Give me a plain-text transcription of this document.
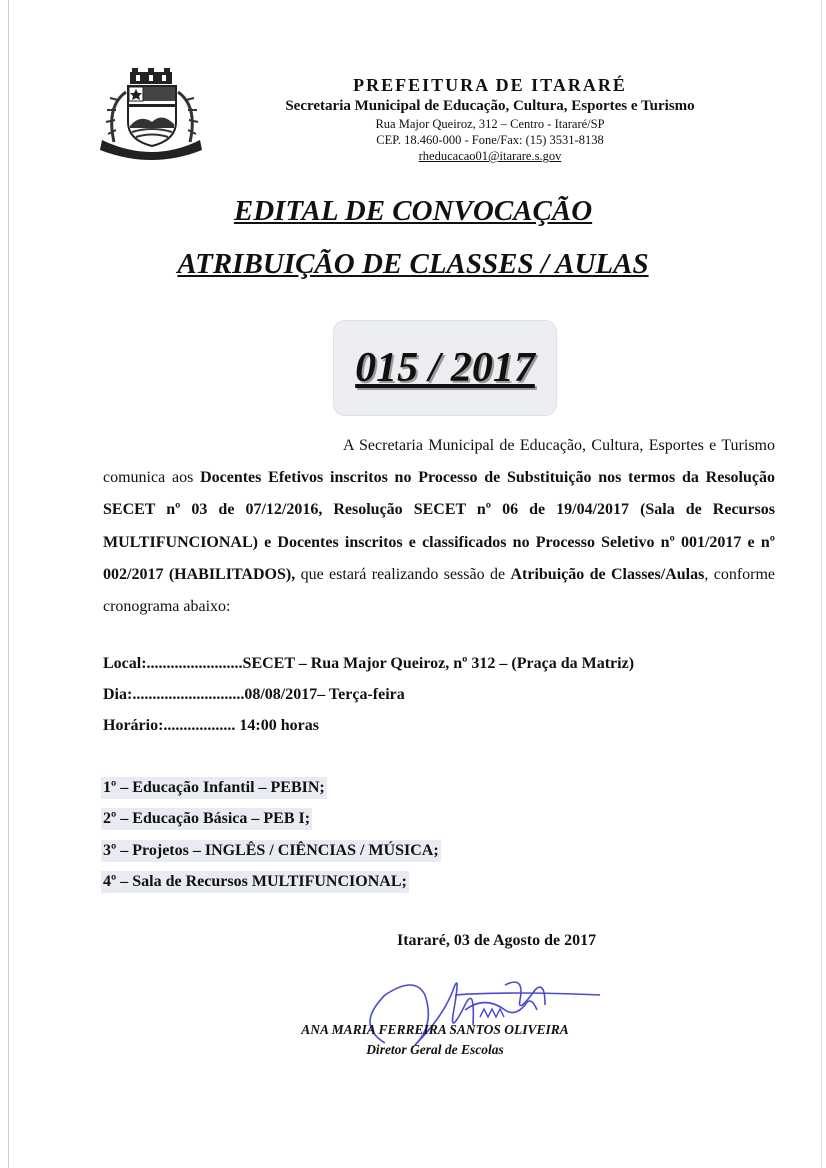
PREFEITURA DE ITARARÉ
Secretaria Municipal de Educação, Cultura, Esportes e Turismo
Rua Major Queiroz, 312 – Centro - Itararé/SP
CEP. 18.460-000 - Fone/Fax: (15) 3531-8138
rheducacao01@itarare.s.gov
EDITAL DE CONVOCAÇÃO
ATRIBUIÇÃO DE CLASSES / AULAS
015 / 2017
A Secretaria Municipal de Educação, Cultura, Esportes e Turismo comunica aos Docentes Efetivos inscritos no Processo de Substituição nos termos da Resolução SECET nº 03 de 07/12/2016, Resolução SECET nº 06 de 19/04/2017 (Sala de Recursos MULTIFUNCIONAL) e Docentes inscritos e classificados no Processo Seletivo nº 001/2017 e nº 002/2017 (HABILITADOS), que estará realizando sessão de Atribuição de Classes/Aulas, conforme cronograma abaixo:
Local:........................SECET – Rua Major Queiroz, nº 312 – (Praça da Matriz)
Dia:............................08/08/2017– Terça-feira
Horário:.................. 14:00 horas
1º – Educação Infantil – PEBIN;
2º – Educação Básica – PEB I;
3º – Projetos – INGLÊS / CIÊNCIAS / MÚSICA;
4º – Sala de Recursos MULTIFUNCIONAL;
Itararé, 03 de Agosto de 2017
ANA MARIA FERREIRA SANTOS OLIVEIRA
Diretor Geral de Escolas
